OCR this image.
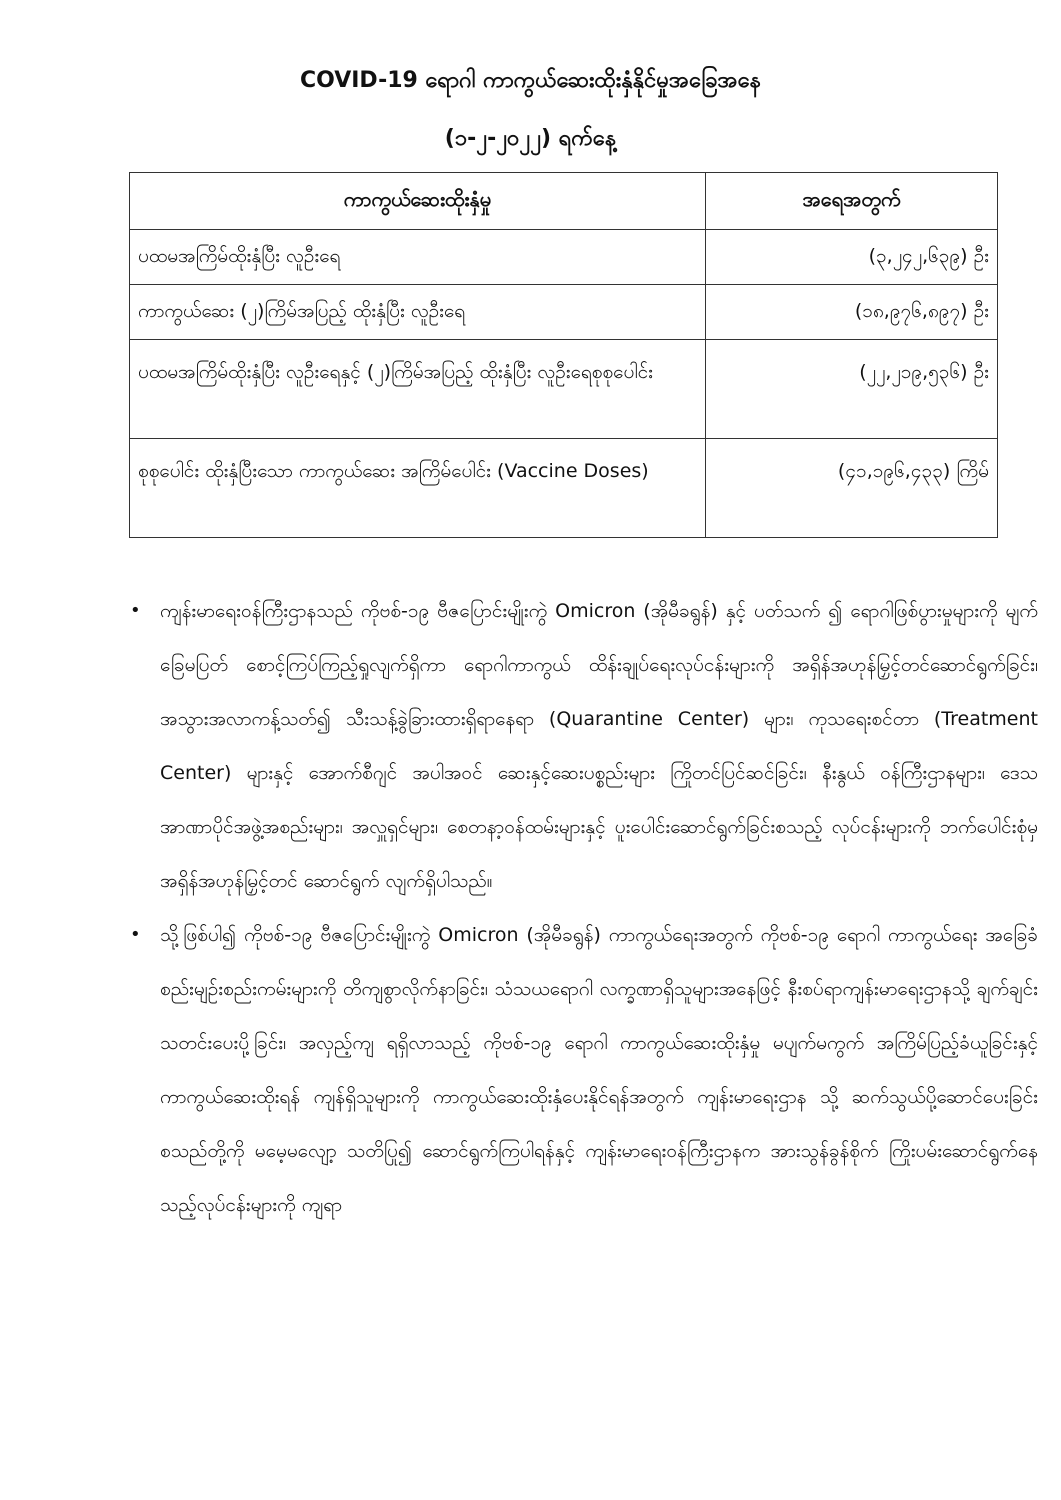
COVID-19 ရောဂါ ကာကွယ်ဆေးထိုးနှံနိုင်မှုအခြေအနေ
(၁-၂-၂၀၂၂) ရက်နေ့
ကာကွယ်ဆေးထိုးနှံမှု	အရေအတွက်
ပထမအကြိမ်ထိုးနှံပြီး လူဦးရေ	(၃,၂၄၂,၆၃၉) ဦး
ကာကွယ်ဆေး (၂)ကြိမ်အပြည့် ထိုးနှံပြီး လူဦးရေ	(၁၈,၉၇၆,၈၉၇) ဦး
ပထမအကြိမ်ထိုးနှံပြီး လူဦးရေနှင့် (၂)ကြိမ်အပြည့် ထိုးနှံပြီး လူဦးရေစုစုပေါင်း	(၂၂,၂၁၉,၅၃၆) ဦး
စုစုပေါင်း ထိုးနှံပြီးသော ကာကွယ်ဆေး အကြိမ်ပေါင်း (Vaccine Doses)	(၄၁,၁၉၆,၄၃၃) ကြိမ်
• ကျန်းမာရေးဝန်ကြီးဌာနသည် ကိုဗစ်-၁၉ ဗီဇပြောင်းမျိုးကွဲ Omicron (အိုမီခရွန်) နှင့် ပတ်သက် ၍ ရောဂါဖြစ်ပွားမှုများကို မျက်ခြေမပြတ် စောင့်ကြပ်ကြည့်ရှုလျက်ရှိကာ ရောဂါကာကွယ် ထိန်းချုပ်ရေးလုပ်ငန်းများကို အရှိန်အဟုန်မြှင့်တင်ဆောင်ရွက်ခြင်း၊ အသွားအလာကန့်သတ်၍ သီးသန့်ခွဲခြားထားရှိရာနေရာ (Quarantine Center) များ၊ ကုသရေးစင်တာ (Treatment Center) များနှင့် အောက်စီဂျင် အပါအဝင် ဆေးနှင့်ဆေးပစ္စည်းများ ကြိုတင်ပြင်ဆင်ခြင်း၊ နီးနွယ် ဝန်ကြီးဌာနများ၊ ဒေသအာဏာပိုင်အဖွဲ့အစည်းများ၊ အလှူရှင်များ၊ စေတနာ့ဝန်ထမ်းများနှင့် ပူးပေါင်းဆောင်ရွက်ခြင်းစသည့် လုပ်ငန်းများကို ဘက်ပေါင်းစုံမှ အရှိန်အဟုန်မြှင့်တင် ဆောင်ရွက် လျက်ရှိပါသည်။
• သို့ဖြစ်ပါ၍ ကိုဗစ်-၁၉ ဗီဇပြောင်းမျိုးကွဲ Omicron (အိုမီခရွန်) ကာကွယ်ရေးအတွက် ကိုဗစ်-၁၉ ရောဂါ ကာကွယ်ရေး အခြေခံစည်းမျဉ်းစည်းကမ်းများကို တိကျစွာလိုက်နာခြင်း၊ သံသယရောဂါ လက္ခဏာရှိသူများအနေဖြင့် နီးစပ်ရာကျန်းမာရေးဌာနသို့ ချက်ချင်းသတင်းပေးပို့ခြင်း၊ အလှည့်ကျ ရရှိလာသည့် ကိုဗစ်-၁၉ ရောဂါ ကာကွယ်ဆေးထိုးနှံမှု မပျက်မကွက် အကြိမ်ပြည့်ခံယူခြင်းနှင့် ကာကွယ်ဆေးထိုးရန် ကျန်ရှိသူများကို ကာကွယ်ဆေးထိုးနှံပေးနိုင်ရန်အတွက် ကျန်းမာရေးဌာန သို့ ဆက်သွယ်ပို့ဆောင်ပေးခြင်း စသည်တို့ကို မမေ့မလျော့ သတိပြု၍ ဆောင်ရွက်ကြပါရန်နှင့် ကျန်းမာရေးဝန်ကြီးဌာနက အားသွန်ခွန်စိုက် ကြိုးပမ်းဆောင်ရွက်နေသည့်လုပ်ငန်းများကို ကျရာ
